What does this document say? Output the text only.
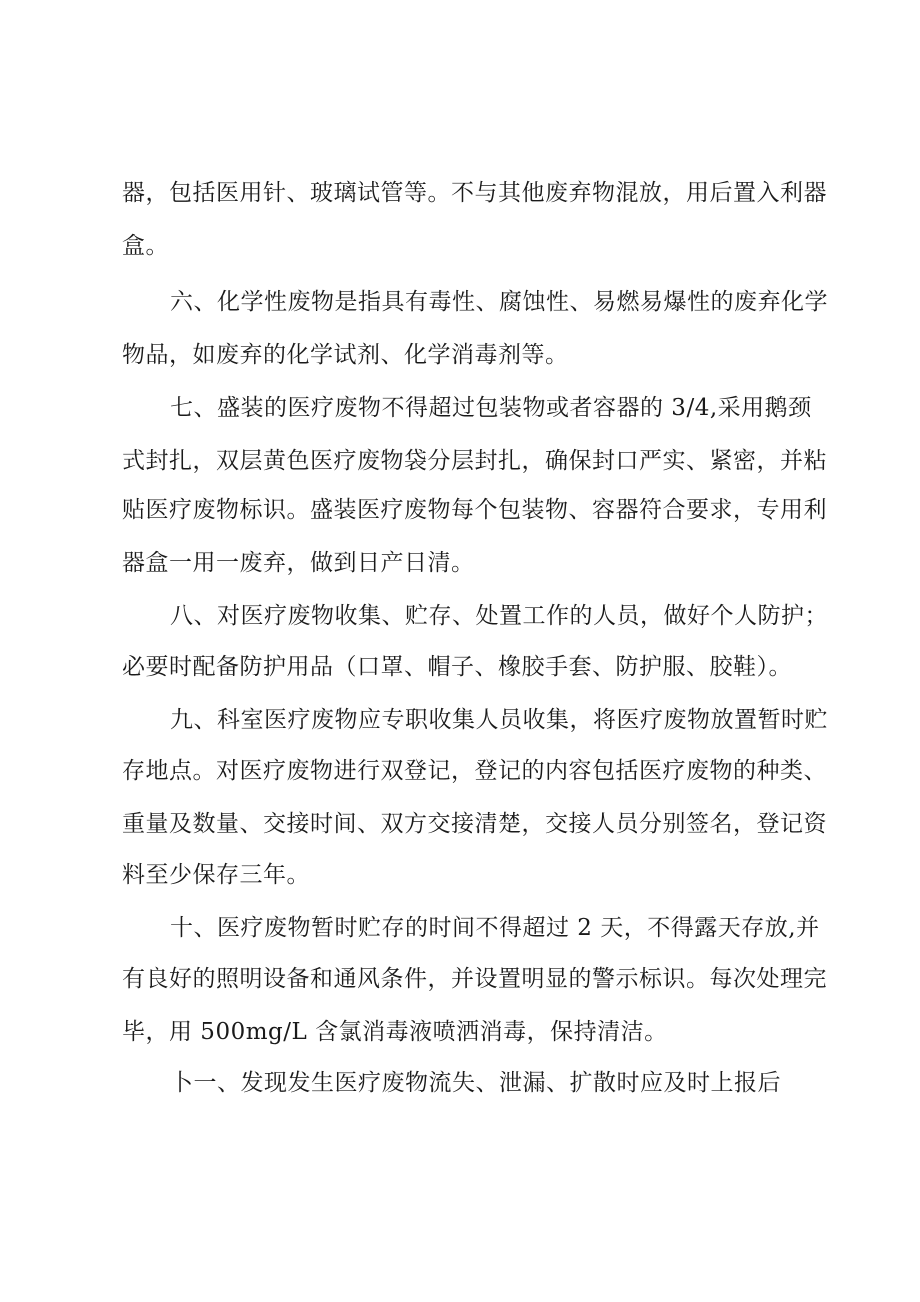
器，包括医用针、玻璃试管等。不与其他废弃物混放，用后置入利器
盒。
六、化学性废物是指具有毒性、腐蚀性、易燃易爆性的废弃化学
物品，如废弃的化学试剂、化学消毒剂等。
七、盛装的医疗废物不得超过包装物或者容器的 3/4,采用鹅颈
式封扎，双层黄色医疗废物袋分层封扎，确保封口严实、紧密，并粘
贴医疗废物标识。盛装医疗废物每个包装物、容器符合要求，专用利
器盒一用一废弃，做到日产日清。
八、对医疗废物收集、贮存、处置工作的人员，做好个人防护；
必要时配备防护用品（口罩、帽子、橡胶手套、防护服、胶鞋）。
九、科室医疗废物应专职收集人员收集，将医疗废物放置暂时贮
存地点。对医疗废物进行双登记，登记的内容包括医疗废物的种类、
重量及数量、交接时间、双方交接清楚，交接人员分别签名，登记资
料至少保存三年。
十、医疗废物暂时贮存的时间不得超过 2 天，不得露天存放,并
有良好的照明设备和通风条件，并设置明显的警示标识。每次处理完
毕，用 500mg/L 含氯消毒液喷洒消毒，保持清洁。
卜一、发现发生医疗废物流失、泄漏、扩散时应及时上报后
